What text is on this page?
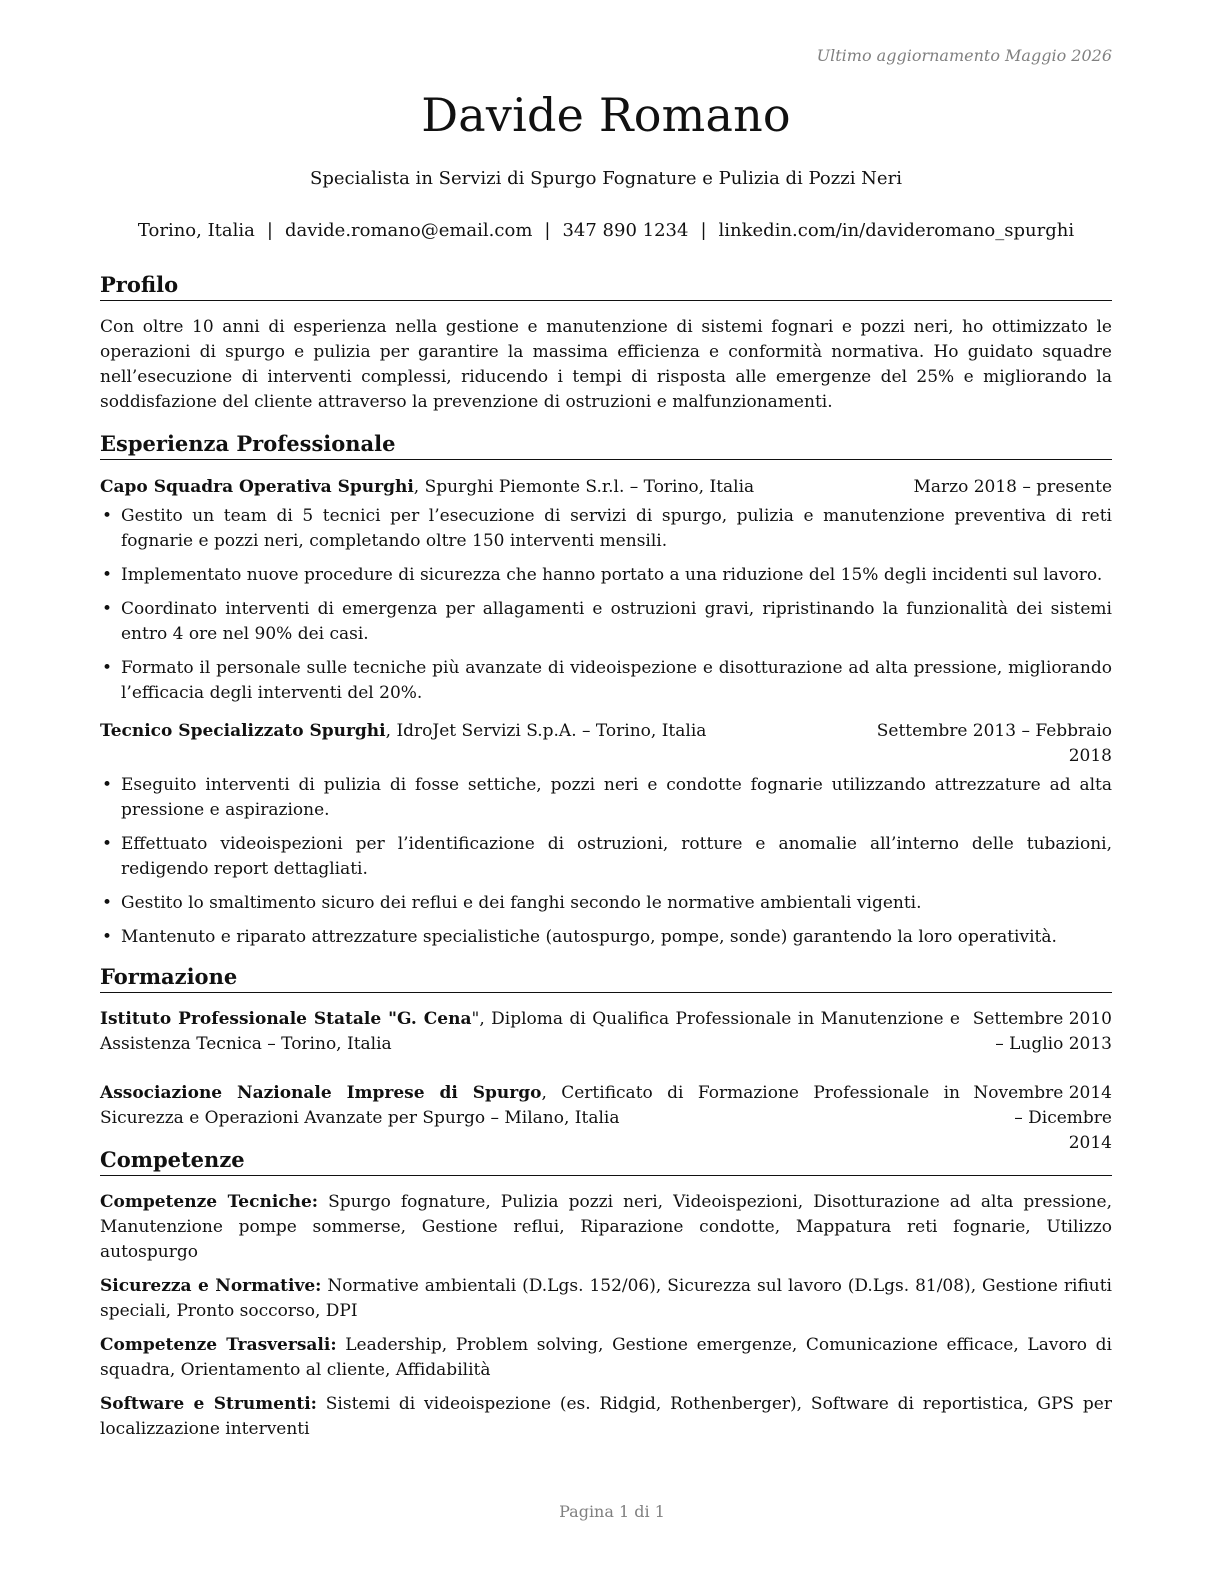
Ultimo aggiornamento Maggio 2026
Davide Romano
Specialista in Servizi di Spurgo Fognature e Pulizia di Pozzi Neri
Torino, Italia | davide.romano@email.com | 347 890 1234 | linkedin.com/in/davideromano_spurghi
Profilo
Con oltre 10 anni di esperienza nella gestione e manutenzione di sistemi fognari e pozzi neri, ho ottimizzato le operazioni di spurgo e pulizia per garantire la massima efficienza e conformità normativa. Ho guidato squadre nell’esecuzione di interventi complessi, riducendo i tempi di risposta alle emergenze del 25% e migliorando la soddisfazione del cliente attraverso la prevenzione di ostruzioni e malfunzionamenti.
Esperienza Professionale
Capo Squadra Operativa Spurghi, Spurghi Piemonte S.r.l. – Torino, Italia	Marzo 2018 – presente
• Gestito un team di 5 tecnici per l’esecuzione di servizi di spurgo, pulizia e manutenzione preventiva di reti fognarie e pozzi neri, completando oltre 150 interventi mensili.
• Implementato nuove procedure di sicurezza che hanno portato a una riduzione del 15% degli incidenti sul lavoro.
• Coordinato interventi di emergenza per allagamenti e ostruzioni gravi, ripristinando la funzionalità dei sistemi entro 4 ore nel 90% dei casi.
• Formato il personale sulle tecniche più avanzate di videoispezione e disotturazione ad alta pressione, migliorando l’efficacia degli interventi del 20%.
Tecnico Specializzato Spurghi, IdroJet Servizi S.p.A. – Torino, Italia	Settembre 2013 – Febbraio 2018
• Eseguito interventi di pulizia di fosse settiche, pozzi neri e condotte fognarie utilizzando attrezzature ad alta pressione e aspirazione.
• Effettuato videoispezioni per l’identificazione di ostruzioni, rotture e anomalie all’interno delle tubazioni, redigendo report dettagliati.
• Gestito lo smaltimento sicuro dei reflui e dei fanghi secondo le normative ambientali vigenti.
• Mantenuto e riparato attrezzature specialistiche (autospurgo, pompe, sonde) garantendo la loro operatività.
Formazione
Istituto Professionale Statale "G. Cena", Diploma di Qualifica Professionale in Manutenzione e Assistenza Tecnica – Torino, Italia
Settembre 2010 – Luglio 2013
Associazione Nazionale Imprese di Spurgo, Certificato di Formazione Professionale in Sicurezza e Operazioni Avanzate per Spurgo – Milano, Italia
Novembre 2014 – Dicembre 2014
Competenze
Competenze Tecniche: Spurgo fognature, Pulizia pozzi neri, Videoispezioni, Disotturazione ad alta pressione, Manutenzione pompe sommerse, Gestione reflui, Riparazione condotte, Mappatura reti fognarie, Utilizzo autospurgo
Sicurezza e Normative: Normative ambientali (D.Lgs. 152/06), Sicurezza sul lavoro (D.Lgs. 81/08), Gestione rifiuti speciali, Pronto soccorso, DPI
Competenze Trasversali: Leadership, Problem solving, Gestione emergenze, Comunicazione efficace, Lavoro di squadra, Orientamento al cliente, Affidabilità
Software e Strumenti: Sistemi di videoispezione (es. Ridgid, Rothenberger), Software di reportistica, GPS per localizzazione interventi
Pagina 1 di 1
